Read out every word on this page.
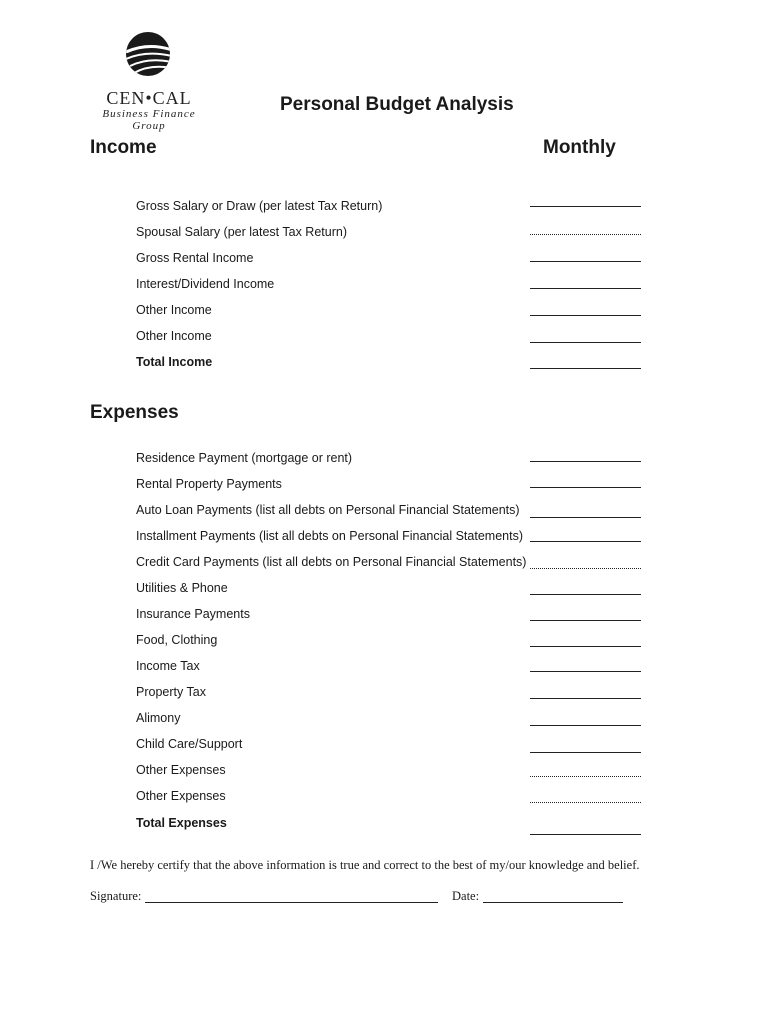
CEN•CAL
Business Finance Group
Personal Budget Analysis
Income	Monthly
Gross Salary or Draw (per latest Tax Return)
Spousal Salary (per latest Tax Return)
Gross Rental Income
Interest/Dividend Income
Other Income
Other Income
Total Income
Expenses
Residence Payment (mortgage or rent)
Rental Property Payments
Auto Loan Payments (list all debts on Personal Financial Statements)
Installment Payments (list all debts on Personal Financial Statements)
Credit Card Payments (list all debts on Personal Financial Statements)
Utilities & Phone
Insurance Payments
Food, Clothing
Income Tax
Property Tax
Alimony
Child Care/Support
Other Expenses
Other Expenses
Total Expenses
I /We hereby certify that the above information is true and correct to the best of my/our knowledge and belief.
Signature:	Date:
